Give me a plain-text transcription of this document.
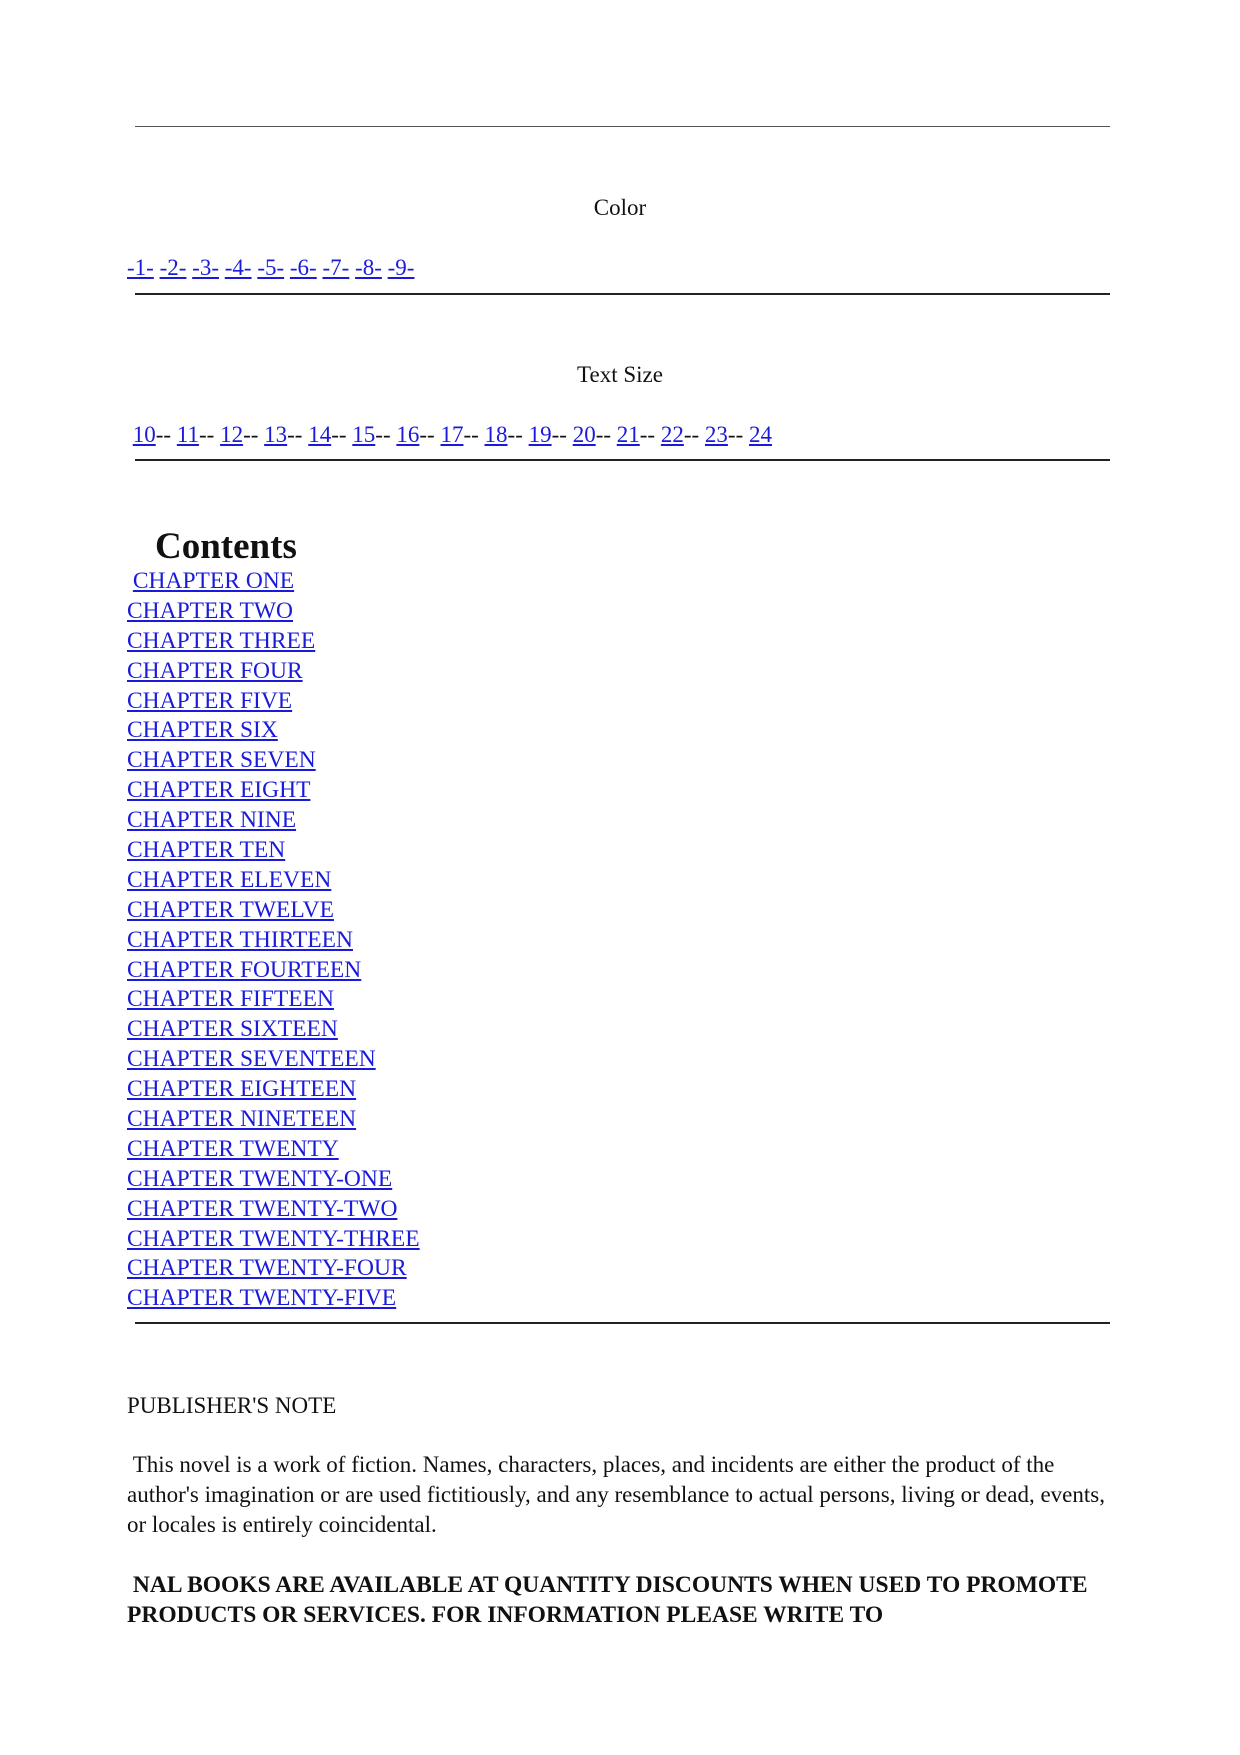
Color
-1- -2- -3- -4- -5- -6- -7- -8- -9-
Text Size
10-- 11-- 12-- 13-- 14-- 15-- 16-- 17-- 18-- 19-- 20-- 21-- 22-- 23-- 24
Contents
CHAPTER ONE
CHAPTER TWO
CHAPTER THREE
CHAPTER FOUR
CHAPTER FIVE
CHAPTER SIX
CHAPTER SEVEN
CHAPTER EIGHT
CHAPTER NINE
CHAPTER TEN
CHAPTER ELEVEN
CHAPTER TWELVE
CHAPTER THIRTEEN
CHAPTER FOURTEEN
CHAPTER FIFTEEN
CHAPTER SIXTEEN
CHAPTER SEVENTEEN
CHAPTER EIGHTEEN
CHAPTER NINETEEN
CHAPTER TWENTY
CHAPTER TWENTY-ONE
CHAPTER TWENTY-TWO
CHAPTER TWENTY-THREE
CHAPTER TWENTY-FOUR
CHAPTER TWENTY-FIVE
PUBLISHER'S NOTE
This novel is a work of fiction. Names, characters, places, and incidents are either the product of the author's imagination or are used fictitiously, and any resemblance to actual persons, living or dead, events, or locales is entirely coincidental.
NAL BOOKS ARE AVAILABLE AT QUANTITY DISCOUNTS WHEN USED TO PROMOTE PRODUCTS OR SERVICES. FOR INFORMATION PLEASE WRITE TO
